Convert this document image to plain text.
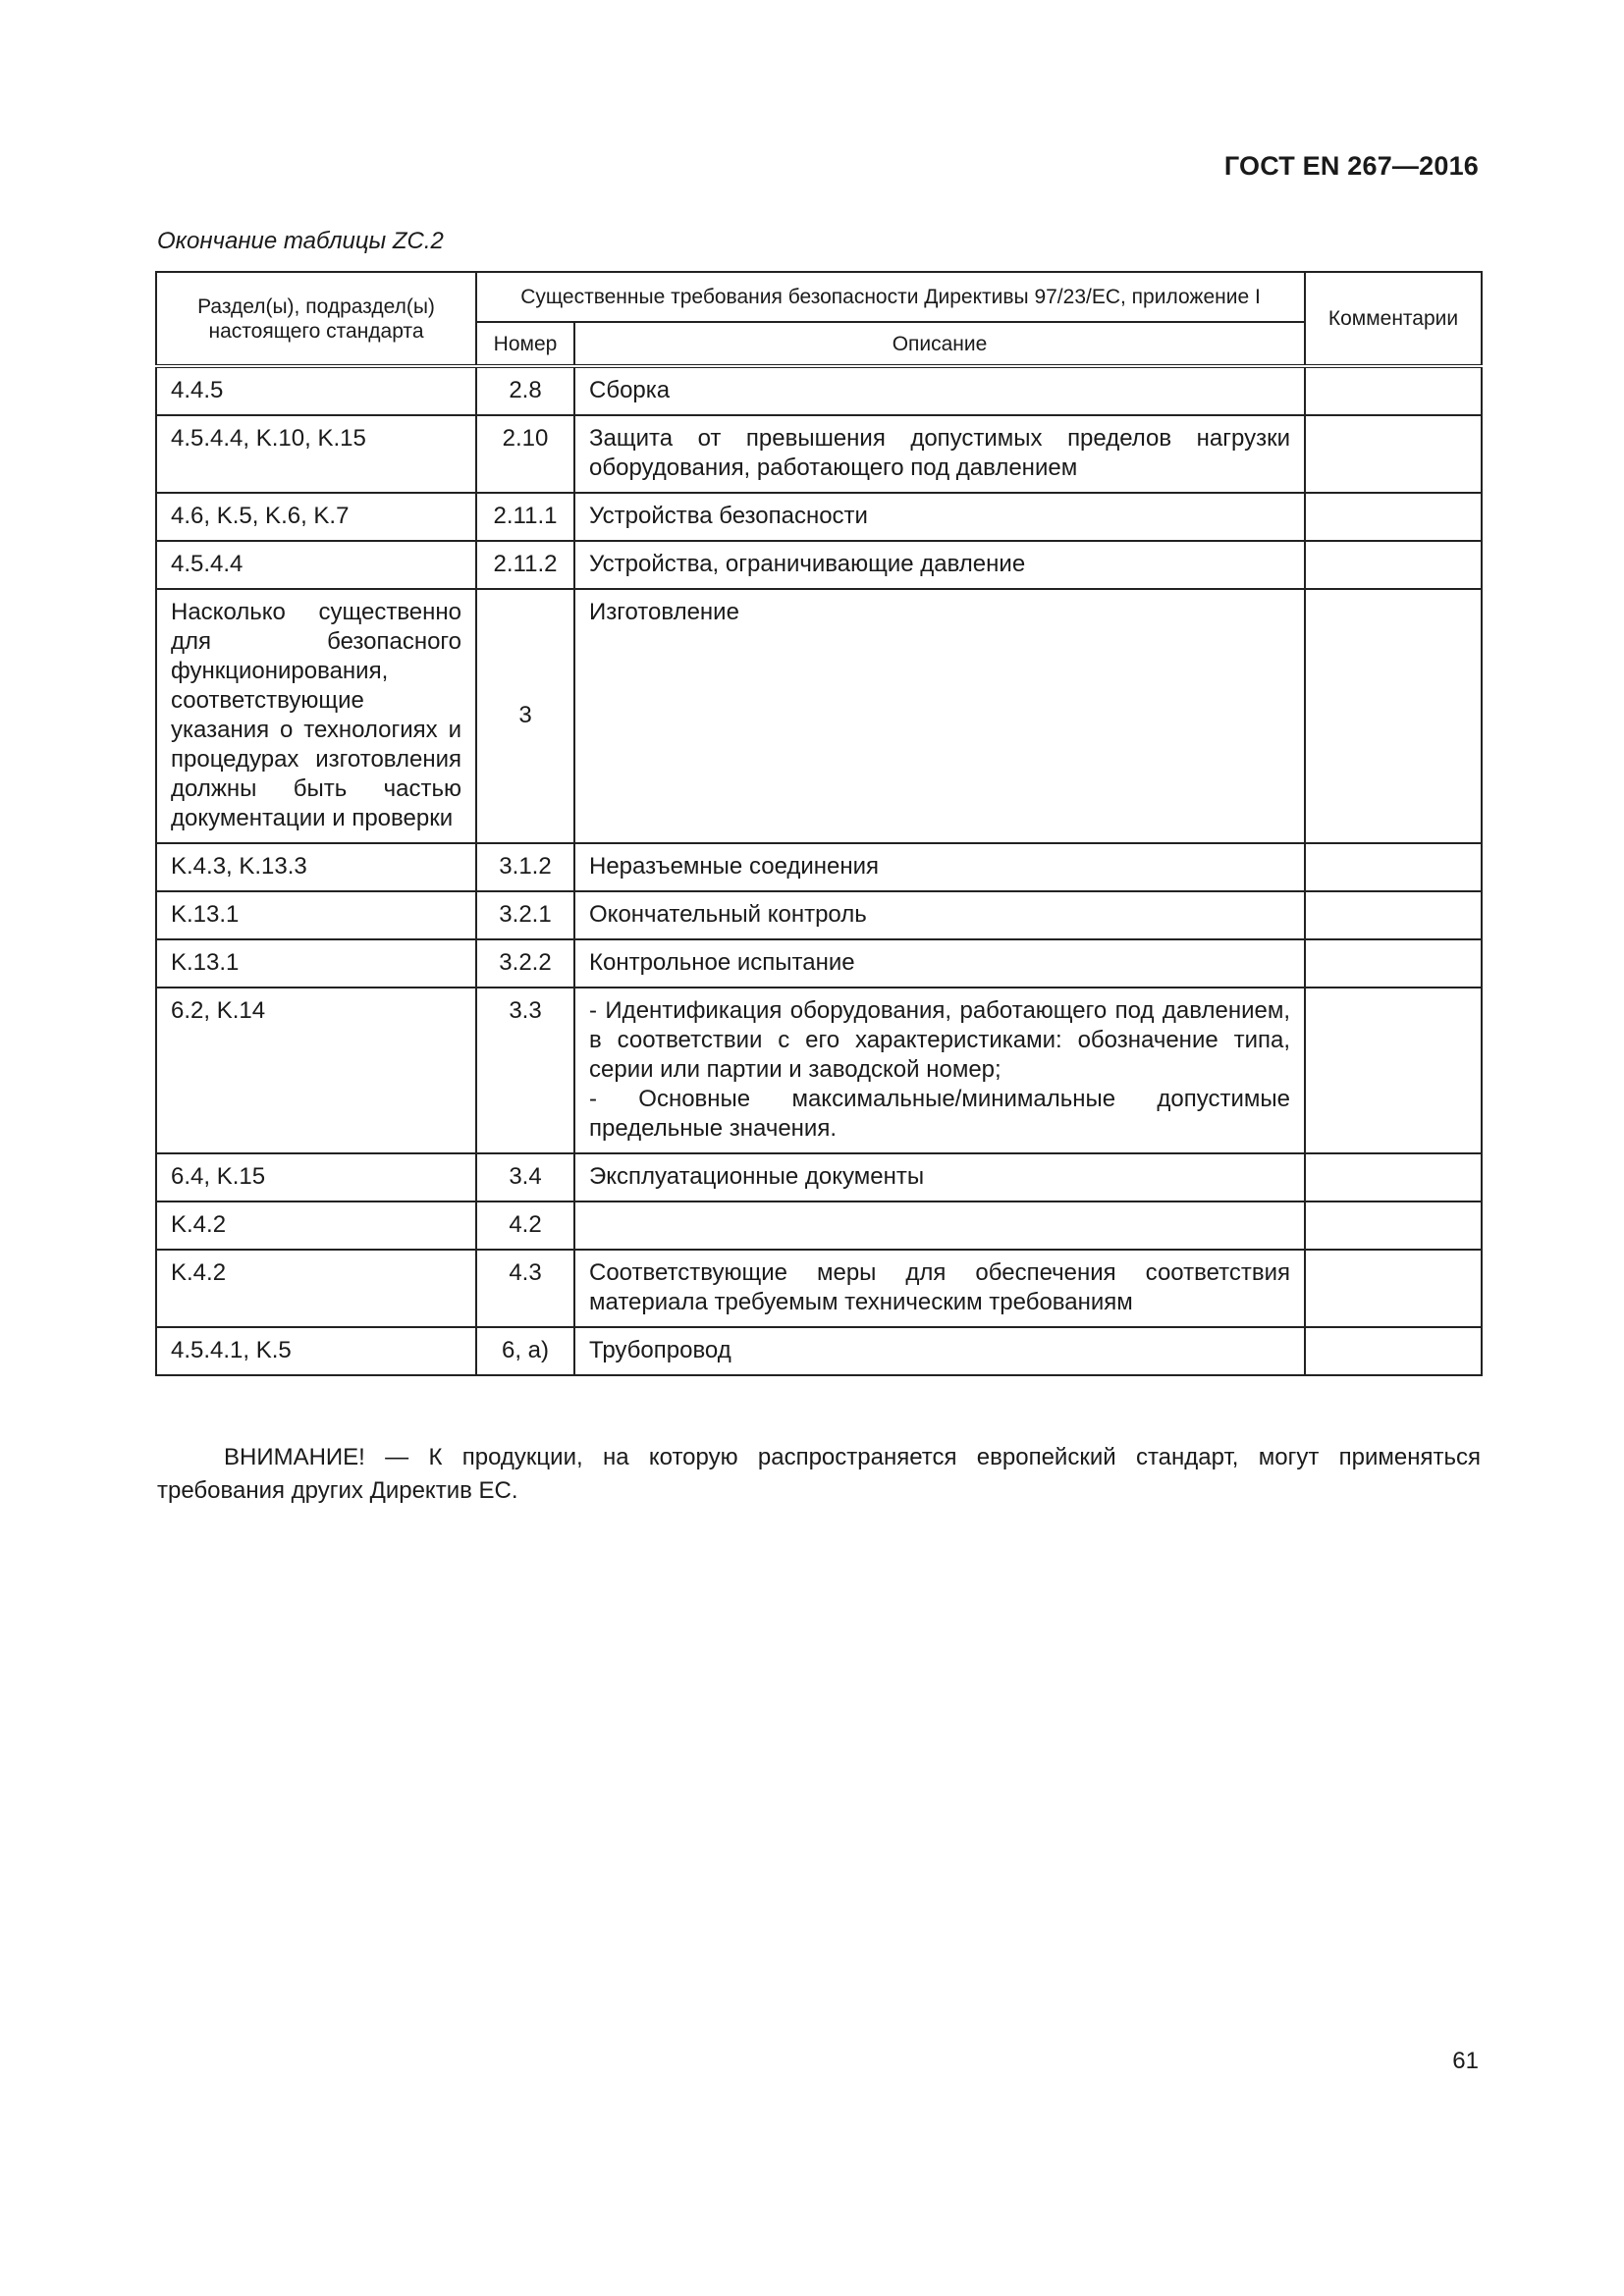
ГОСТ EN 267—2016
Окончание таблицы ZC.2
Раздел(ы), подраздел(ы) настоящего стандарта	Существенные требования безопасности Директивы 97/23/ЕС, приложение I		Комментарии
	Номер	Описание	
4.4.5	2.8	Сборка	
4.5.4.4, K.10, K.15	2.10	Защита от превышения допустимых пределов нагрузки оборудования, работающего под давлением	
4.6, K.5, K.6, K.7	2.11.1	Устройства безопасности	
4.5.4.4	2.11.2	Устройства, ограничивающие давление	
Насколько существенно для безопасного функционирования, соответствующие указания о технологиях и процедурах изготовления должны быть частью документации и проверки	3	Изготовление	
K.4.3, K.13.3	3.1.2	Неразъемные соединения	
K.13.1	3.2.1	Окончательный контроль	
K.13.1	3.2.2	Контрольное испытание	
6.2, K.14	3.3	- Идентификация оборудования, работающего под давлением, в соответствии с его характеристиками: обозначение типа, серии или партии и заводской номер;
- Основные максимальные/минимальные допустимые предельные значения.	

6.4, K.15	3.4	Эксплуатационные документы	
K.4.2	4.2		
K.4.2	4.3	Соответствующие меры для обеспечения соответствия материала требуемым техническим требованиям	
4.5.4.1, K.5	6, a)	Трубопровод	

ВНИМАНИЕ! — К продукции, на которую распространяется европейский стандарт, могут применяться требования других Директив ЕС.

61
